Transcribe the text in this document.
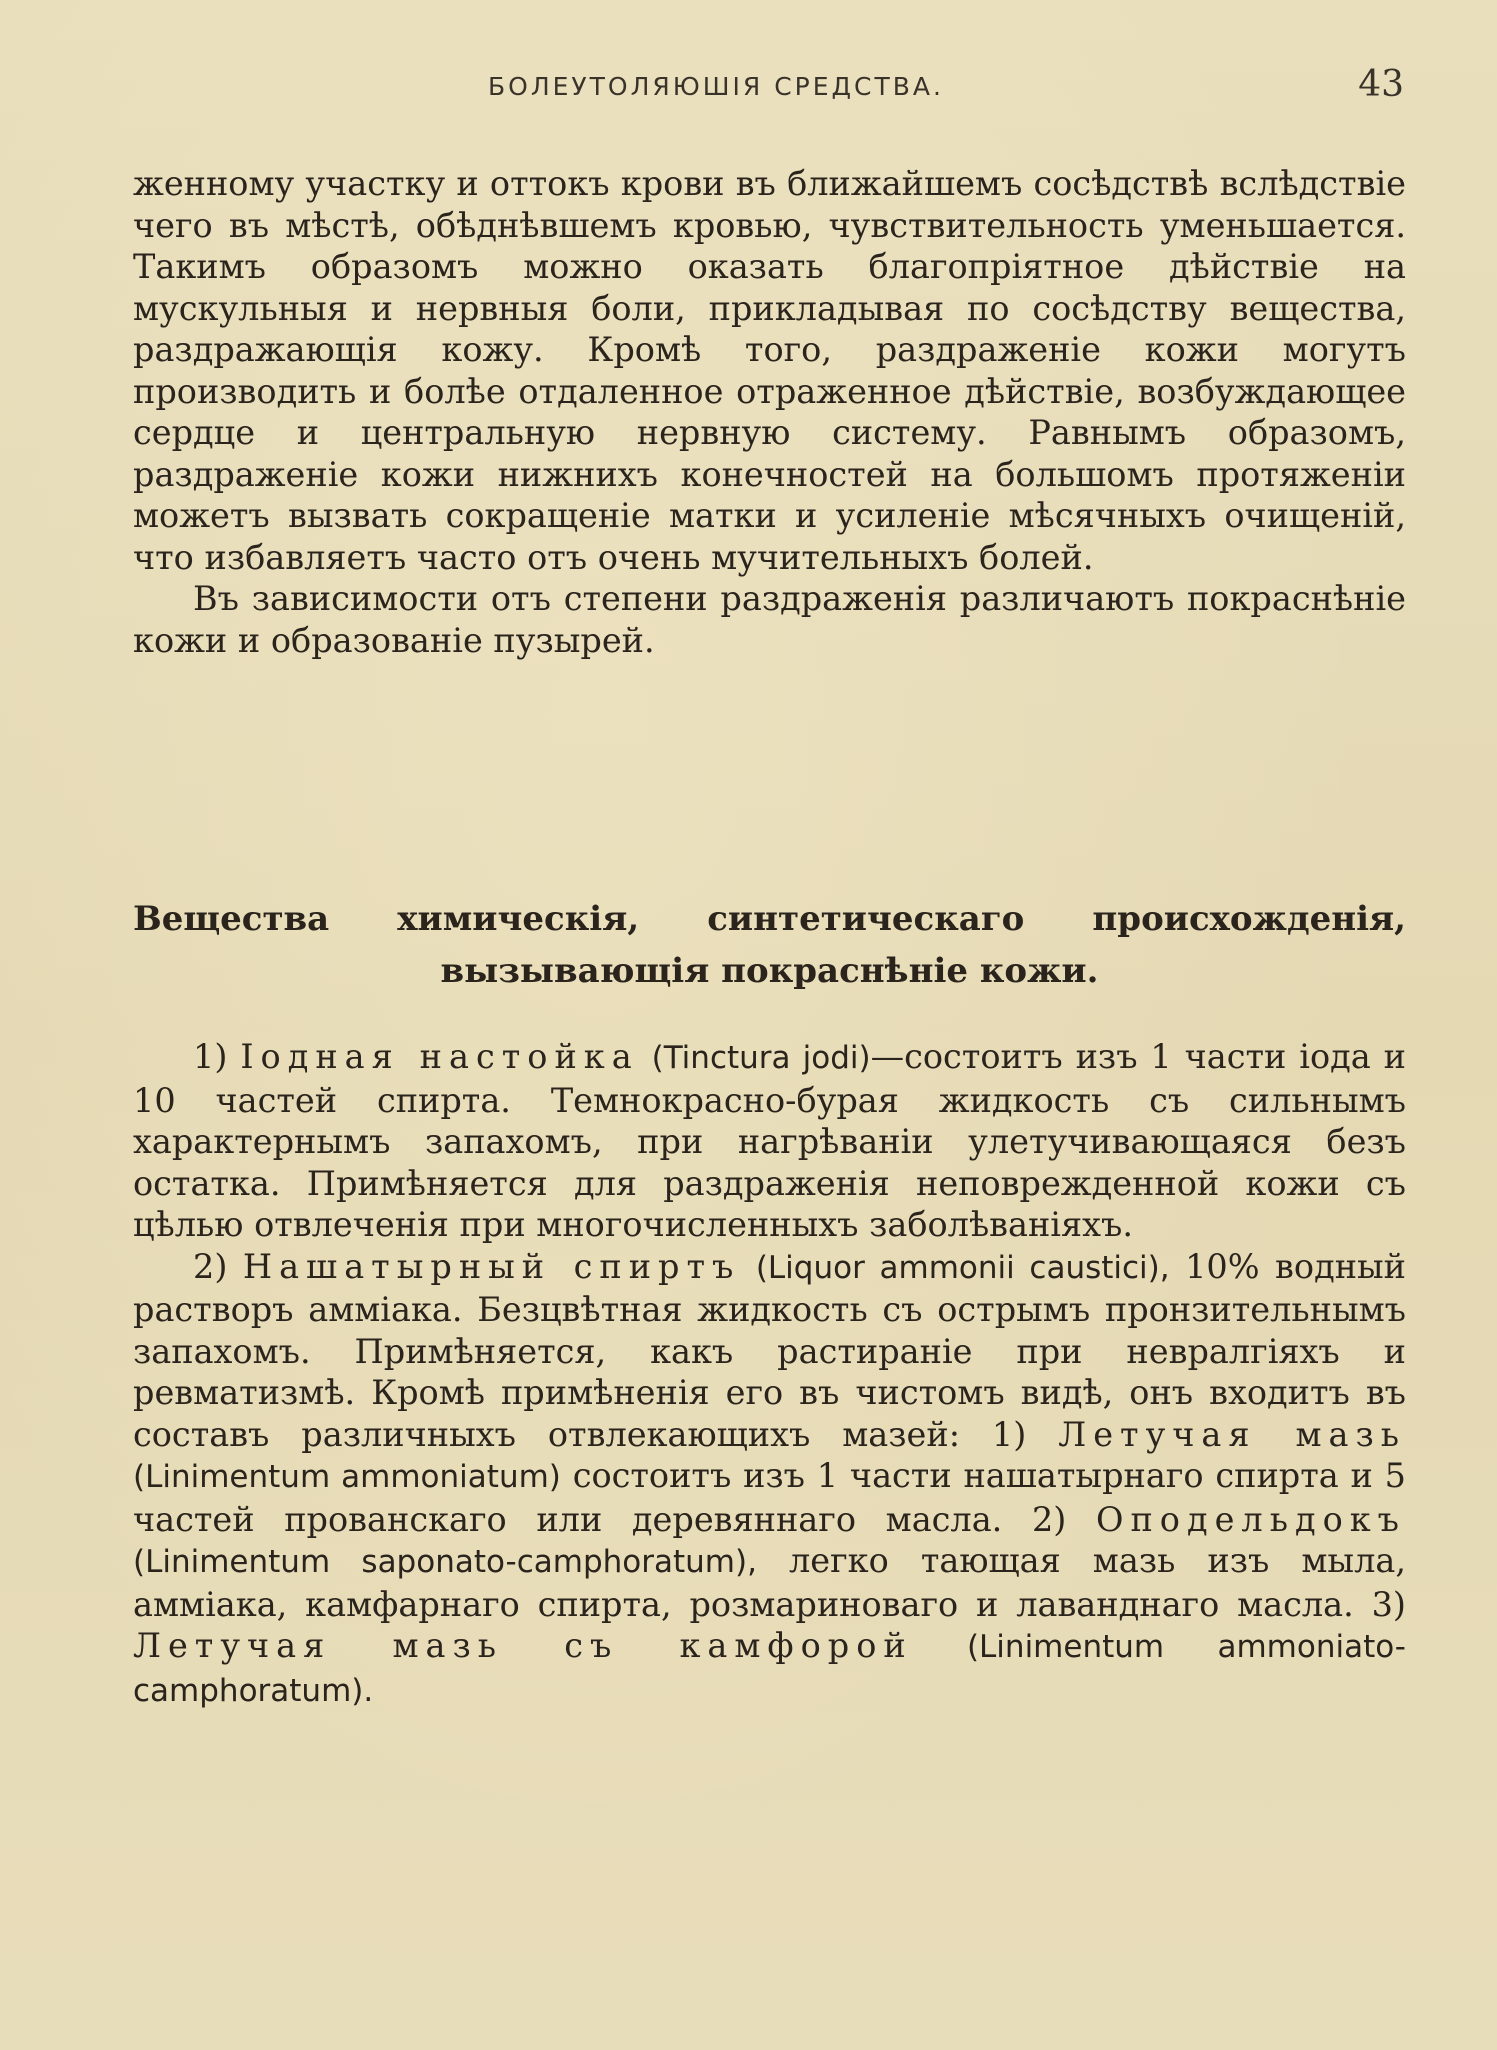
БОЛЕУТОЛЯЮШІЯ СРЕДСТВА.	43

женному участку и оттокъ крови въ ближайшемъ сосѣдствѣ вслѣдствіе чего въ мѣстѣ, обѣднѣвшемъ кровью, чувствительность уменьшается. Такимъ образомъ можно оказать благопріятное дѣйствіе на мускульныя и нервныя боли, прикладывая по сосѣдству вещества, раздражающія кожу. Кромѣ того, раздраженіе кожи могутъ производить и болѣе отдаленное отраженное дѣйствіе, возбуждающее сердце и центральную нервную систему. Равнымъ образомъ, раздраженіе кожи нижнихъ конечностей на большомъ протяженіи можетъ вызвать сокращеніе матки и усиленіе мѣсячныхъ очищеній, что избавляетъ часто отъ очень мучительныхъ болей.

Въ зависимости отъ степени раздраженія различаютъ покраснѣніе кожи и образованіе пузырей.

Вещества химическія, синтетическаго происхожденія,
вызывающія покраснѣніе кожи.

1) Iодная настойка (Tinctura jodi)—состоитъ изъ 1 части іода и 10 частей спирта. Темнокрасно-бурая жидкость съ сильнымъ характернымъ запахомъ, при нагрѣваніи улетучивающаяся безъ остатка. Примѣняется для раздраженія неповрежденной кожи съ цѣлью отвлеченія при многочисленныхъ заболѣваніяхъ.

2) Нашатырный спиртъ (Liquor ammonii caustici), 10% водный растворъ амміака. Безцвѣтная жидкость съ острымъ пронзительнымъ запахомъ. Примѣняется, какъ растираніе при невралгіяхъ и ревматизмѣ. Кромѣ примѣненія его въ чистомъ видѣ, онъ входитъ въ составъ различныхъ отвлекающихъ мазей: 1) Летучая мазь (Linimentum ammoniatum) состоитъ изъ 1 части нашатырнаго спирта и 5 частей прованскаго или деревяннаго масла. 2) Оподельдокъ (Linimentum saponato-camphoratum), легко тающая мазь изъ мыла, амміака, камфарнаго спирта, розмариноваго и лаванднаго масла. 3) Летучая мазь съ камфорой (Linimentum ammoniato-camphoratum).
